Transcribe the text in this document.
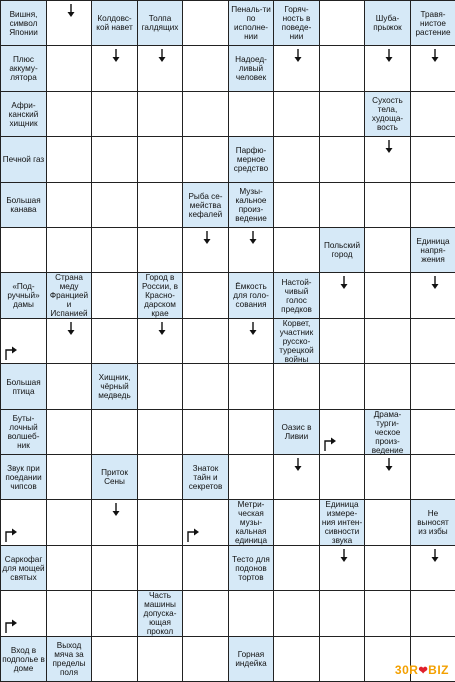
Вишня, символ Японии
Колдовс-кой навет
Толпа галдящих
Пеналь-ти по исполне-нии
Горяч-ность в поведе-нии
Шуба-прыжок
Травя-нистое растение
Плюс аккуму-лятора
Надоед-ливый человек
Афри-канский хищник
Сухость тела, худоща-вость
Печной газ
Парфю-мерное средство
Большая канава
Рыба се-мейства кефалей
Музы-кальное произ-ведение
Польский город
Единица напря-жения
«Под-ручный» дамы
Страна меду Францией и Испанией
Город в России, в Красно-дарском крае
Ёмкость для голо-сования
Настой-чивый голос предков
Корвет, участник русско-турецкой войны
Большая птица
Хищник, чёрный медведь
Буты-лочный волшеб-ник
Оазис в Ливии
Драма-турги-ческое произ-ведение
Звук при поедании чипсов
Приток Сены
Знаток тайн и секретов
Метри-ческая музы-кальная единица
Единица измере-ния интен-сивности звука
Не выносят из избы
Саркофаг для мощей святых
Тесто для подонов тортов
Часть машины допуска-ющая прокол
Вход в подполье в доме
Выход мяча за пределы поля
Горная индейка	30R❤BIZ
